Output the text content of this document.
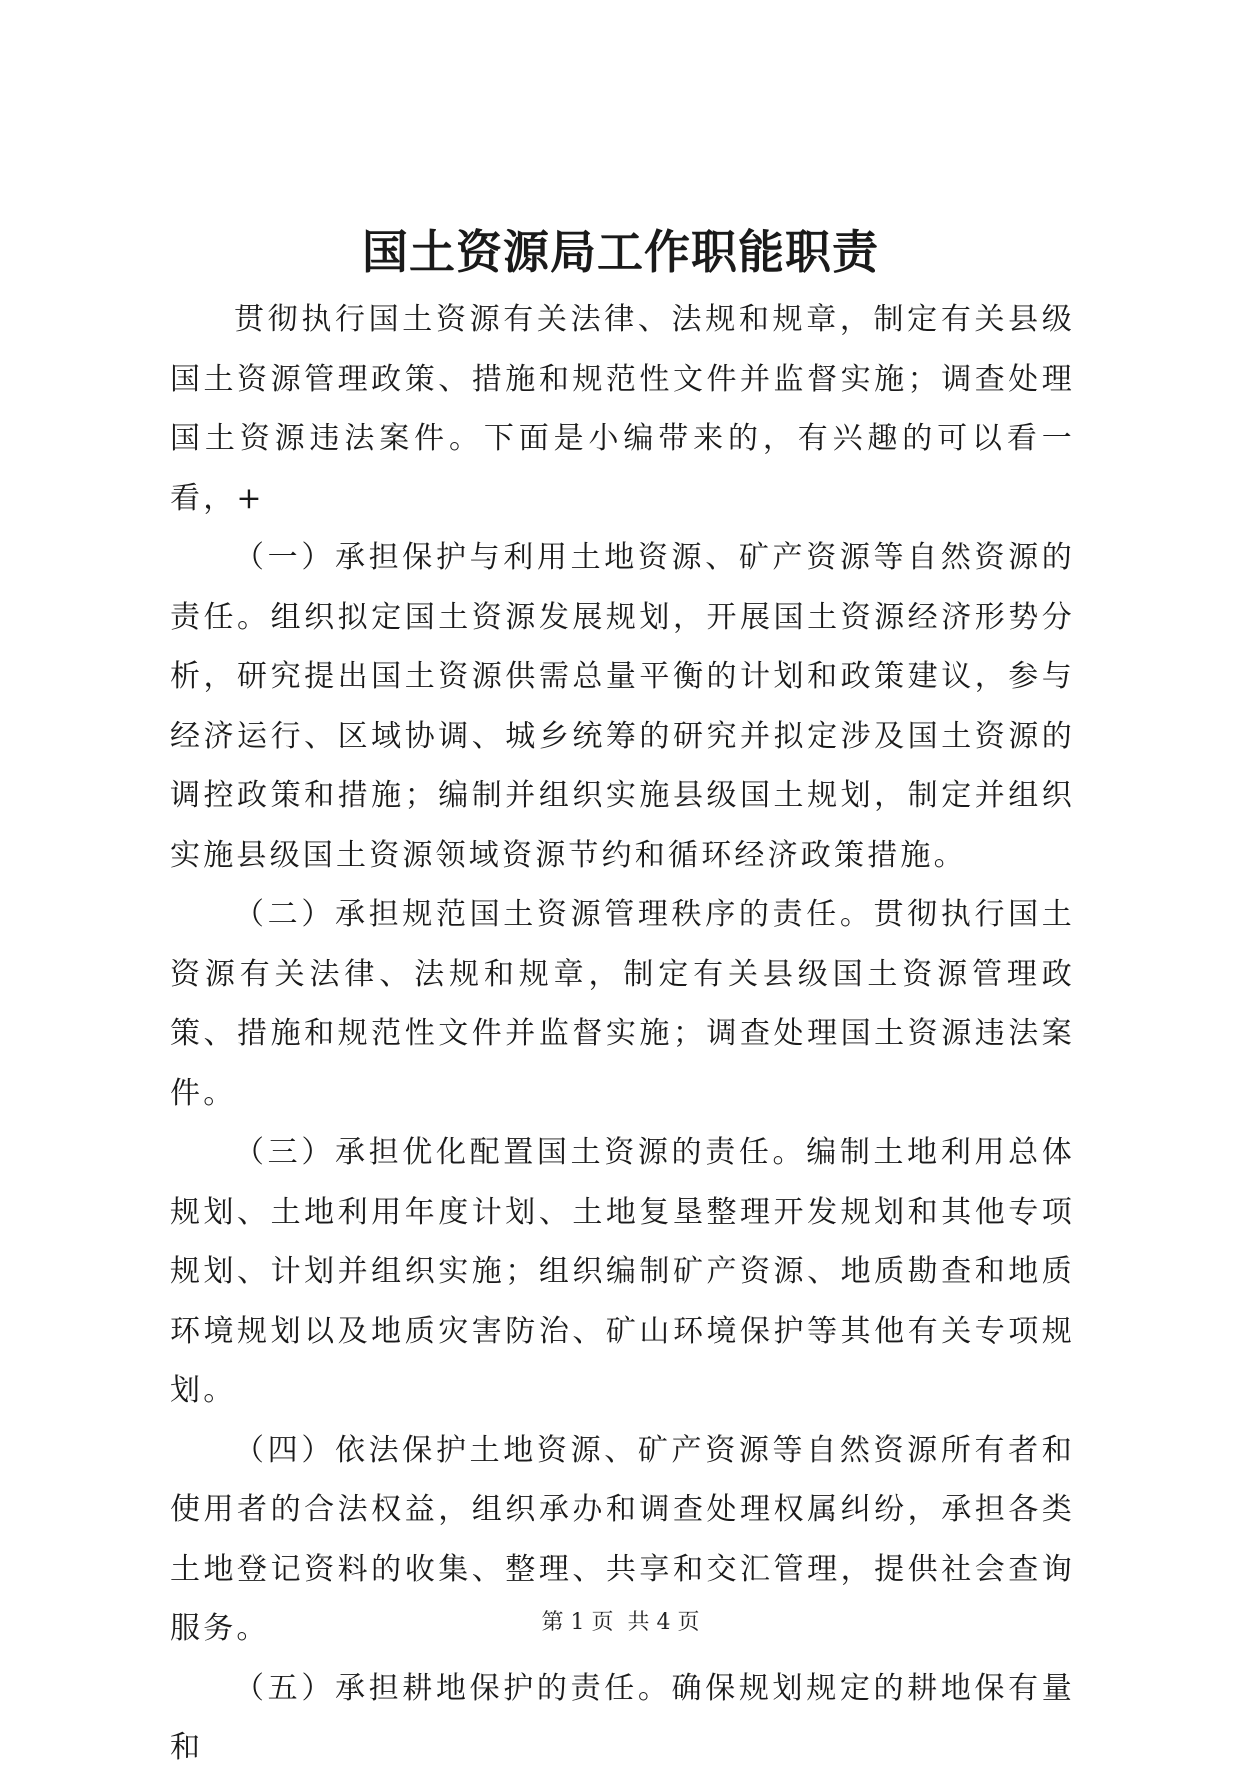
国土资源局工作职能职责

贯彻执行国土资源有关法律、法规和规章，制定有关县级国土资源管理政策、措施和规范性文件并监督实施；调查处理国土资源违法案件。下面是小编带来的，有兴趣的可以看一看，+

（一）承担保护与利用土地资源、矿产资源等自然资源的责任。组织拟定国土资源发展规划，开展国土资源经济形势分析，研究提出国土资源供需总量平衡的计划和政策建议，参与经济运行、区域协调、城乡统筹的研究并拟定涉及国土资源的调控政策和措施；编制并组织实施县级国土规划，制定并组织实施县级国土资源领域资源节约和循环经济政策措施。

（二）承担规范国土资源管理秩序的责任。贯彻执行国土资源有关法律、法规和规章，制定有关县级国土资源管理政策、措施和规范性文件并监督实施；调查处理国土资源违法案件。

（三）承担优化配置国土资源的责任。编制土地利用总体规划、土地利用年度计划、土地复垦整理开发规划和其他专项规划、计划并组织实施；组织编制矿产资源、地质勘查和地质环境规划以及地质灾害防治、矿山环境保护等其他有关专项规划。

（四）依法保护土地资源、矿产资源等自然资源所有者和使用者的合法权益，组织承办和调查处理权属纠纷，承担各类土地登记资料的收集、整理、共享和交汇管理，提供社会查询服务。

（五）承担耕地保护的责任。确保规划规定的耕地保有量和

第 1 页  共 4 页
